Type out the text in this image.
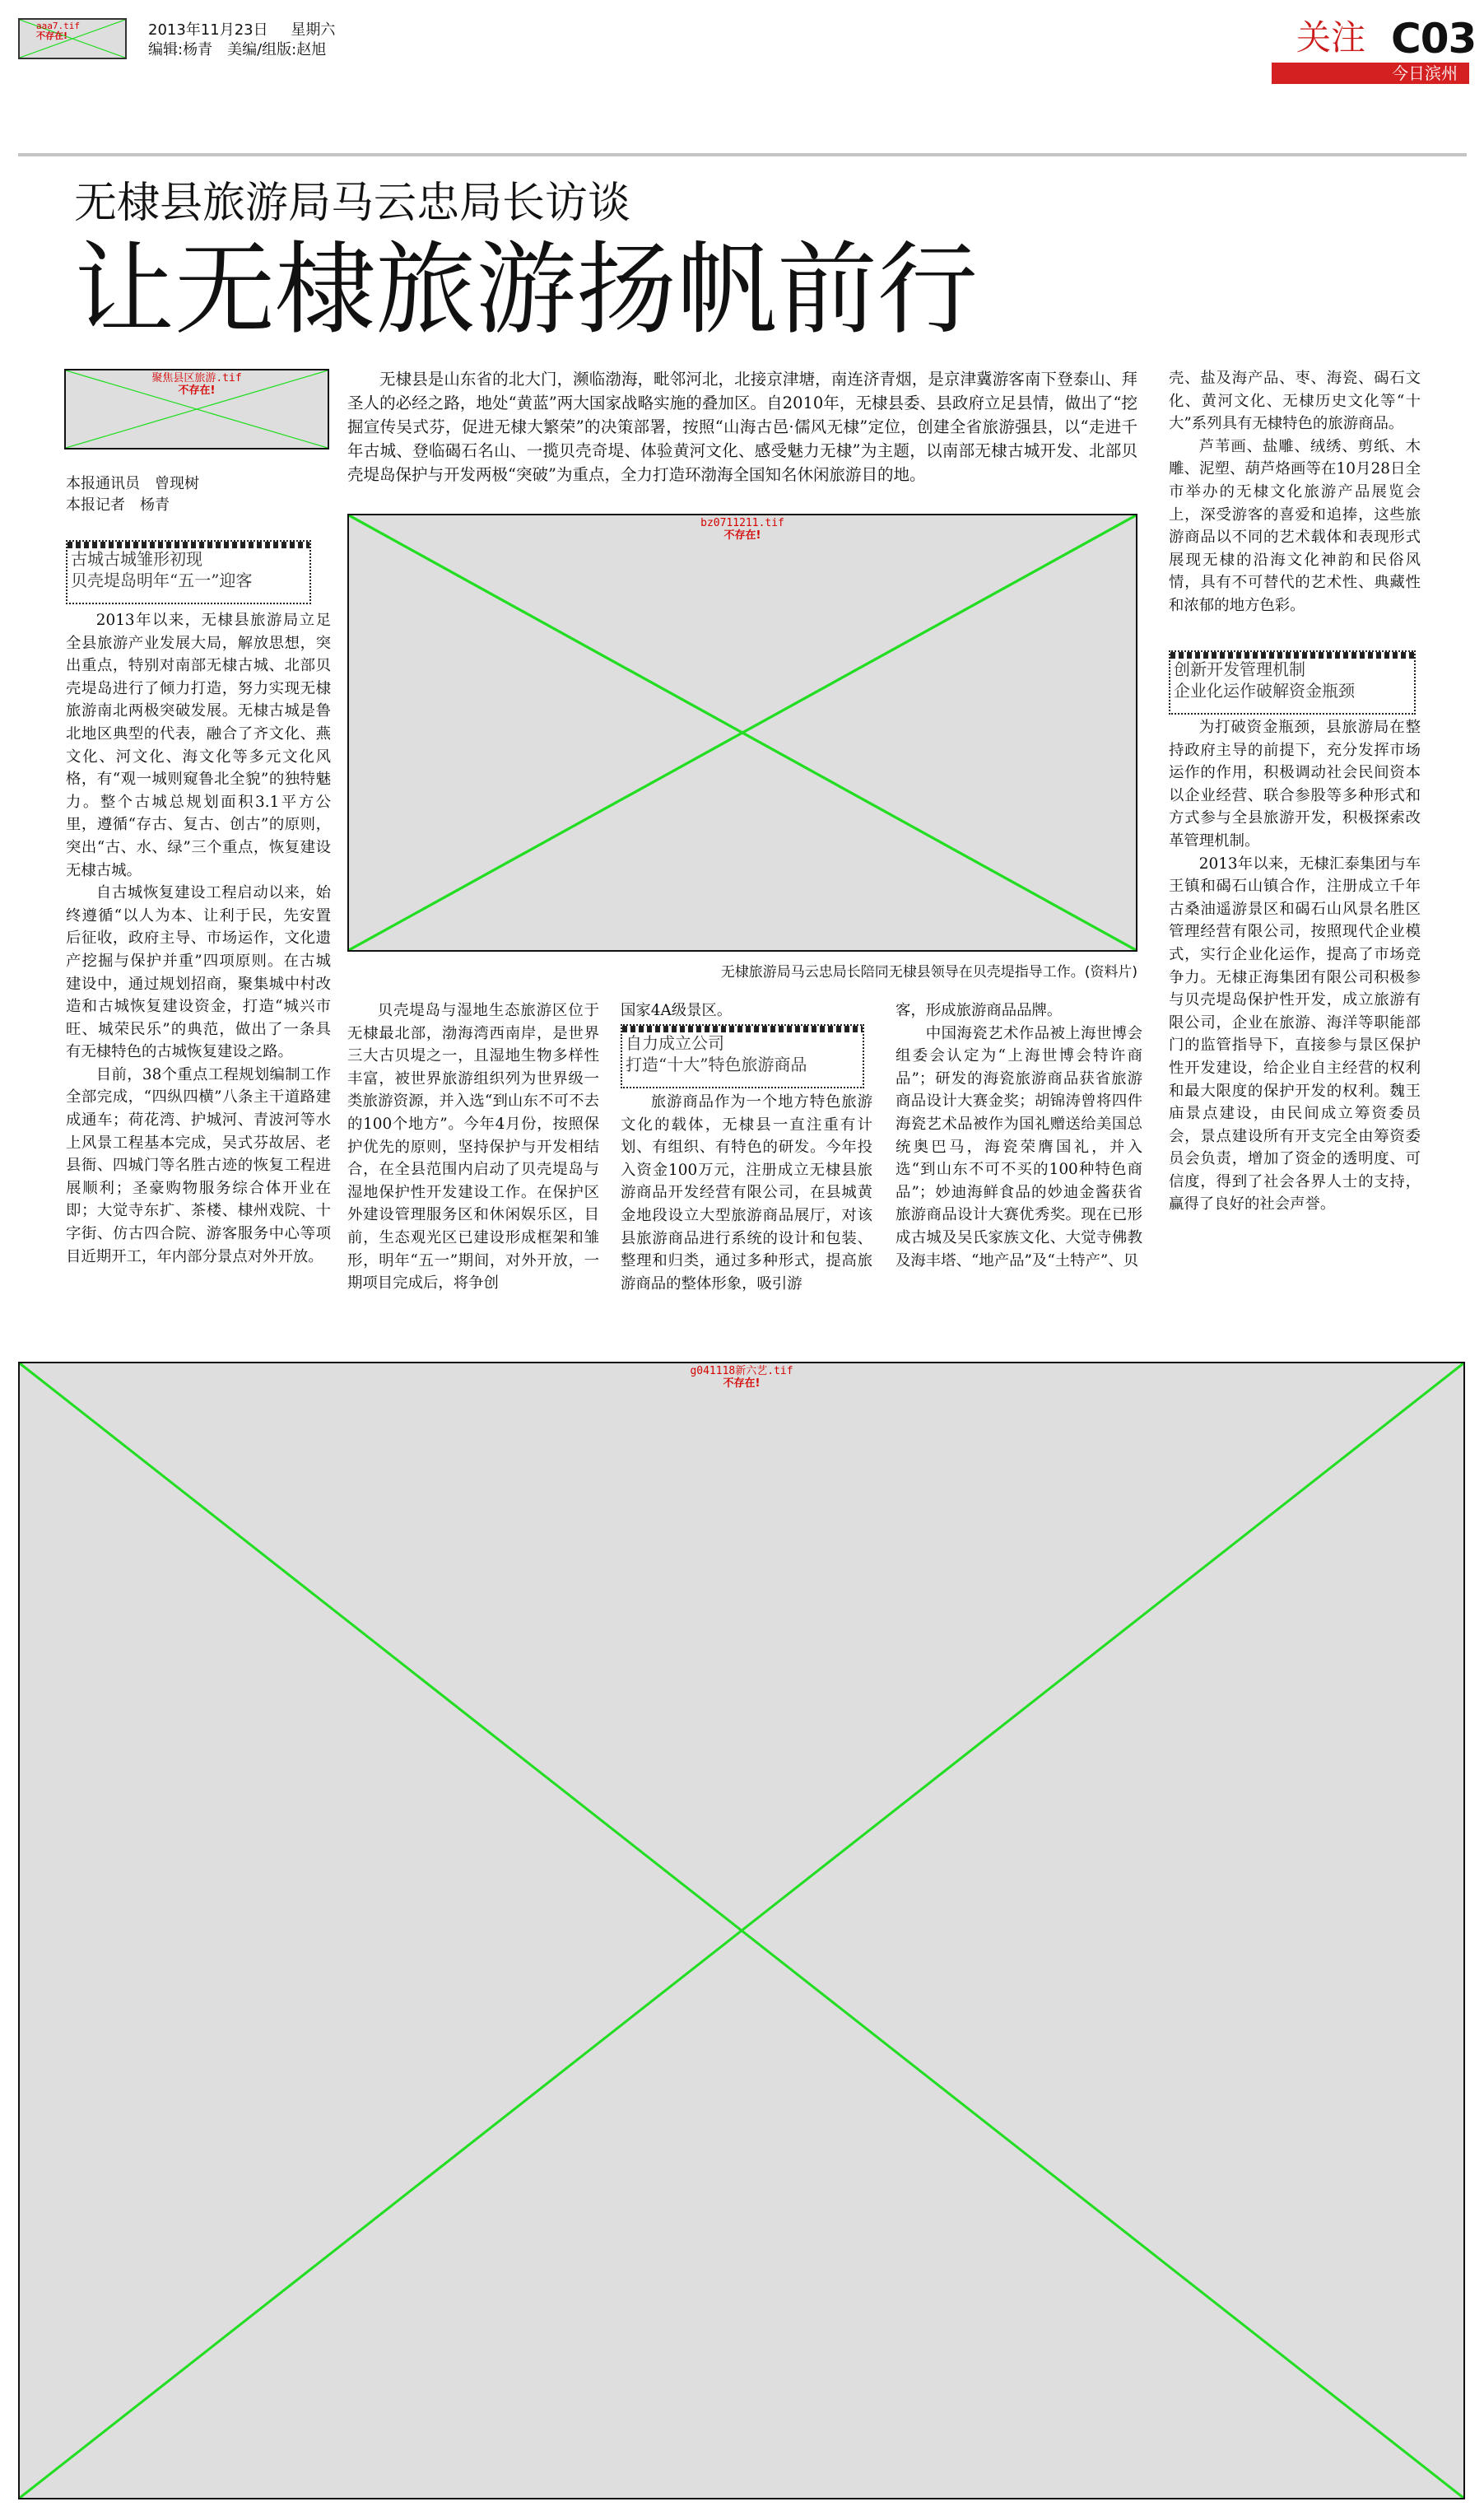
aaa7.tif
不存在!	2013年11月23日 星期六
编辑:杨青　美编/组版:赵旭	关注 C03
今日滨州
无棣县旅游局马云忠局长访谈
让无棣旅游扬帆前行
聚焦县区旅游.tif
不存在!
本报通讯员　曾现树
本报记者　杨青
古城古城雏形初现
贝壳堤岛明年“五一”迎客

2013年以来，无棣县旅游局立足全县旅游产业发展大局，解放思想，突出重点，特别对南部无棣古城、北部贝壳堤岛进行了倾力打造，努力实现无棣旅游南北两极突破发展。无棣古城是鲁北地区典型的代表，融合了齐文化、燕文化、河文化、海文化等多元文化风格，有“观一城则窥鲁北全貌”的独特魅力。整个古城总规划面积3.1平方公里，遵循“存古、复古、创古”的原则，突出“古、水、绿”三个重点，恢复建设无棣古城。

自古城恢复建设工程启动以来，始终遵循“以人为本、让利于民，先安置后征收，政府主导、市场运作，文化遗产挖掘与保护并重”四项原则。在古城建设中，通过规划招商，聚集城中村改造和古城恢复建设资金，打造“城兴市旺、城荣民乐”的典范，做出了一条具有无棣特色的古城恢复建设之路。

目前，38个重点工程规划编制工作全部完成，“四纵四横”八条主干道路建成通车；荷花湾、护城河、青波河等水上风景工程基本完成，吴式芬故居、老县衙、四城门等名胜古迹的恢复工程进展顺利；圣豪购物服务综合体开业在即；大觉寺东扩、茶楼、棣州戏院、十字街、仿古四合院、游客服务中心等项目近期开工，年内部分景点对外开放。

无棣县是山东省的北大门，濒临渤海，毗邻河北，北接京津塘，南连济青烟，是京津冀游客南下登泰山、拜圣人的必经之路，地处“黄蓝”两大国家战略实施的叠加区。自2010年，无棣县委、县政府立足县情，做出了“挖掘宣传吴式芬，促进无棣大繁荣”的决策部署，按照“山海古邑·儒风无棣”定位，创建全省旅游强县，以“走进千年古城、登临碣石名山、一揽贝壳奇堤、体验黄河文化、感受魅力无棣”为主题，以南部无棣古城开发、北部贝壳堤岛保护与开发两极“突破”为重点，全力打造环渤海全国知名休闲旅游目的地。

bz0711211.tif
不存在!
无棣旅游局马云忠局长陪同无棣县领导在贝壳堤指导工作。(资料片)

贝壳堤岛与湿地生态旅游区位于无棣最北部，渤海湾西南岸，是世界三大古贝堤之一，且湿地生物多样性丰富，被世界旅游组织列为世界级一类旅游资源，并入选“到山东不可不去的100个地方”。今年4月份，按照保护优先的原则，坚持保护与开发相结合，在全县范围内启动了贝壳堤岛与湿地保护性开发建设工作。在保护区外建设管理服务区和休闲娱乐区，目前，生态观光区已建设形成框架和雏形，明年“五一”期间，对外开放，一期项目完成后，将争创

国家4A级景区。

自力成立公司
打造“十大”特色旅游商品

旅游商品作为一个地方特色旅游文化的载体，无棣县一直注重有计划、有组织、有特色的研发。今年投入资金100万元，注册成立无棣县旅游商品开发经营有限公司，在县城黄金地段设立大型旅游商品展厅，对该县旅游商品进行系统的设计和包装、整理和归类，通过多种形式，提高旅游商品的整体形象，吸引游

客，形成旅游商品品牌。

中国海瓷艺术作品被上海世博会组委会认定为“上海世博会特许商品”；研发的海瓷旅游商品获省旅游商品设计大赛金奖；胡锦涛曾将四件海瓷艺术品被作为国礼赠送给美国总统奥巴马，海瓷荣膺国礼，并入选“到山东不可不买的100种特色商品”；妙迪海鲜食品的妙迪金酱获省旅游商品设计大赛优秀奖。现在已形成古城及吴氏家族文化、大觉寺佛教及海丰塔、“地产品”及“土特产”、贝

壳、盐及海产品、枣、海瓷、碣石文化、黄河文化、无棣历史文化等“十大”系列具有无棣特色的旅游商品。

芦苇画、盐雕、绒绣、剪纸、木雕、泥塑、葫芦烙画等在10月28日全市举办的无棣文化旅游产品展览会上，深受游客的喜爱和追捧，这些旅游商品以不同的艺术载体和表现形式展现无棣的沿海文化神韵和民俗风情，具有不可替代的艺术性、典藏性和浓郁的地方色彩。

创新开发管理机制
企业化运作破解资金瓶颈

为打破资金瓶颈，县旅游局在整持政府主导的前提下，充分发挥市场运作的作用，积极调动社会民间资本以企业经营、联合参股等多种形式和方式参与全县旅游开发，积极探索改革管理机制。

2013年以来，无棣汇泰集团与车王镇和碣石山镇合作，注册成立千年古桑油遥游景区和碣石山风景名胜区管理经营有限公司，按照现代企业模式，实行企业化运作，提高了市场竞争力。无棣正海集团有限公司积极参与贝壳堤岛保护性开发，成立旅游有限公司，企业在旅游、海洋等职能部门的监管指导下，直接参与景区保护性开发建设，给企业自主经营的权利和最大限度的保护开发的权利。魏王庙景点建设，由民间成立筹资委员会，景点建设所有开支完全由筹资委员会负责，增加了资金的透明度、可信度，得到了社会各界人士的支持，赢得了良好的社会声誉。

g041118新六艺.tif
不存在!
